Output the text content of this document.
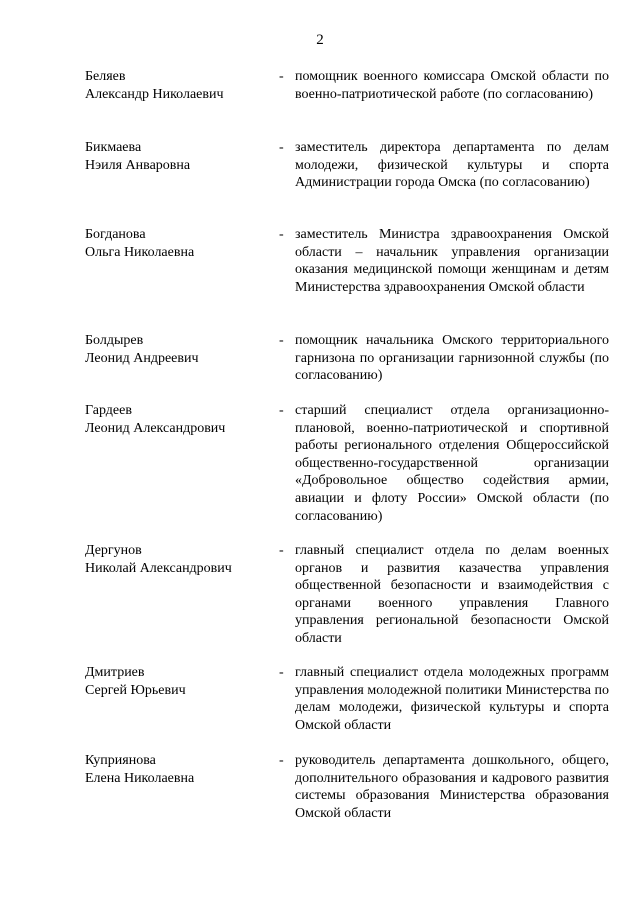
2
Беляев
Александр Николаевич
- помощник военного комиссара Омской области по военно-патриотической работе (по согласованию)
Бикмаева
Нэиля Анваровна
- заместитель директора департамента по делам молодежи, физической культуры и спорта Администрации города Омска (по согласованию)
Богданова
Ольга Николаевна
- заместитель Министра здравоохранения Омской области – начальник управления организации оказания медицинской помощи женщинам и детям Министерства здравоохранения Омской области
Болдырев
Леонид Андреевич
- помощник начальника Омского территориального гарнизона по организации гарнизонной службы (по согласованию)
Гардеев
Леонид Александрович
- старший специалист отдела организационно-плановой, военно-патриотической и спортивной работы регионального отделения Общероссийской общественно-государственной организации «Добровольное общество содействия армии, авиации и флоту России» Омской области (по согласованию)
Дергунов
Николай Александрович
- главный специалист отдела по делам военных органов и развития казачества управления общественной безопасности и взаимодействия с органами военного управления Главного управления региональной безопасности Омской области
Дмитриев
Сергей Юрьевич
- главный специалист отдела молодежных программ управления молодежной политики Министерства по делам молодежи, физической культуры и спорта Омской области
Куприянова
Елена Николаевна
- руководитель департамента дошкольного, общего, дополнительного образования и кадрового развития системы образования Министерства образования Омской области
